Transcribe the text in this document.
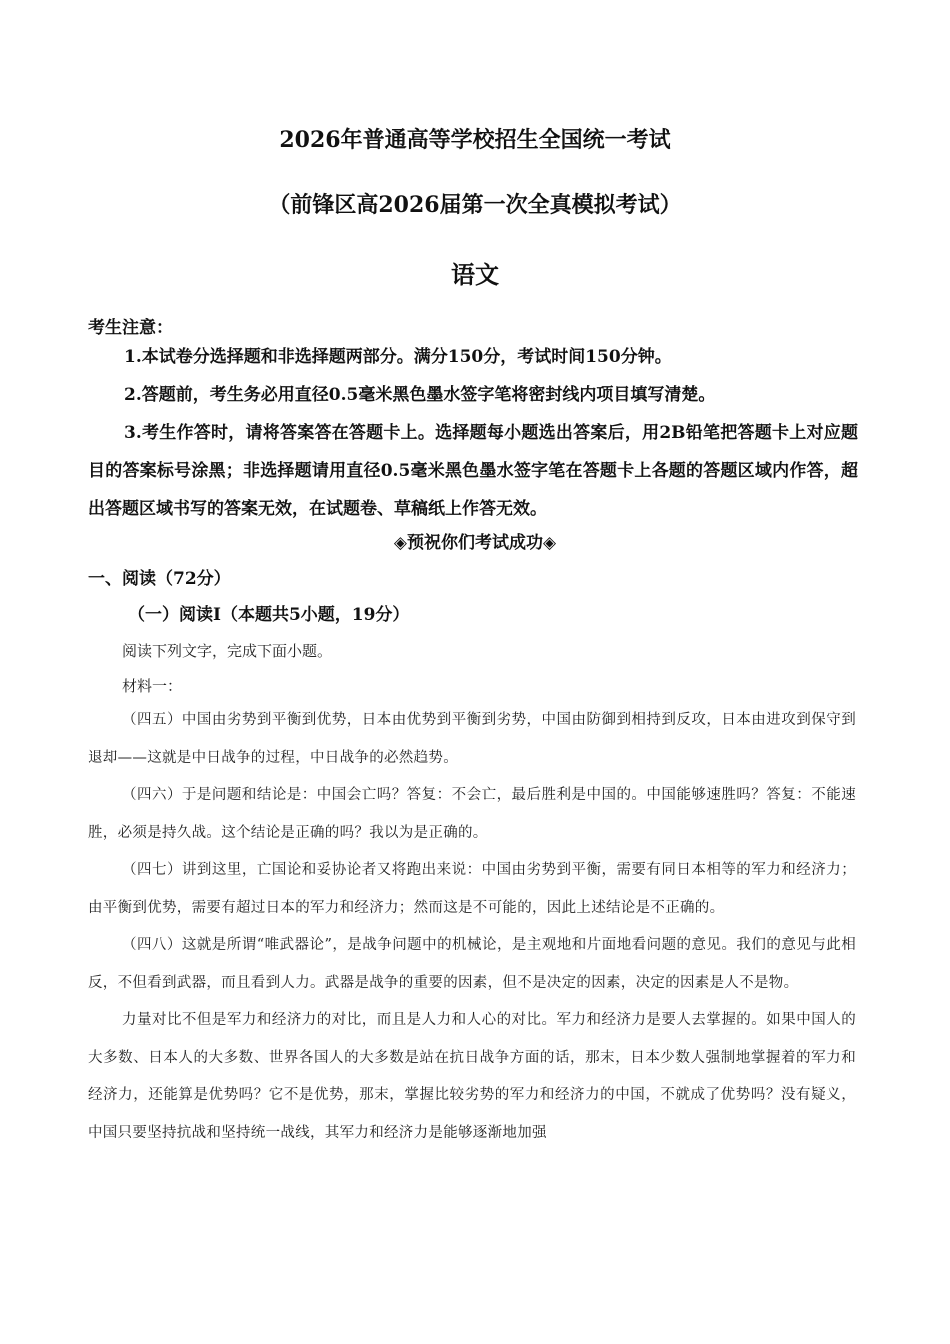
2026年普通高等学校招生全国统一考试
（前锋区高2026届第一次全真模拟考试）
语文
考生注意：

1.本试卷分选择题和非选择题两部分。满分150分，考试时间150分钟。

2.答题前，考生务必用直径0.5毫米黑色墨水签字笔将密封线内项目填写清楚。

3.考生作答时，请将答案答在答题卡上。选择题每小题选出答案后，用2B铅笔把答题卡上对应题目的答案标号涂黑；非选择题请用直径0.5毫米黑色墨水签字笔在答题卡上各题的答题区域内作答，超出答题区域书写的答案无效，在试题卷、草稿纸上作答无效。

◈预祝你们考试成功◈
一、阅读（72分）
（一）阅读Ⅰ（本题共5小题，19分）
阅读下列文字，完成下面小题。
材料一：

（四五）中国由劣势到平衡到优势，日本由优势到平衡到劣势，中国由防御到相持到反攻，日本由进攻到保守到退却——这就是中日战争的过程，中日战争的必然趋势。

（四六）于是问题和结论是：中国会亡吗？答复：不会亡，最后胜利是中国的。中国能够速胜吗？答复：不能速胜，必须是持久战。这个结论是正确的吗？我以为是正确的。

（四七）讲到这里，亡国论和妥协论者又将跑出来说：中国由劣势到平衡，需要有同日本相等的军力和经济力；由平衡到优势，需要有超过日本的军力和经济力；然而这是不可能的，因此上述结论是不正确的。

（四八）这就是所谓“唯武器论”，是战争问题中的机械论，是主观地和片面地看问题的意见。我们的意见与此相反，不但看到武器，而且看到人力。武器是战争的重要的因素，但不是决定的因素，决定的因素是人不是物。

力量对比不但是军力和经济力的对比，而且是人力和人心的对比。军力和经济力是要人去掌握的。如果中国人的大多数、日本人的大多数、世界各国人的大多数是站在抗日战争方面的话，那末，日本少数人强制地掌握着的军力和经济力，还能算是优势吗？它不是优势，那末，掌握比较劣势的军力和经济力的中国，不就成了优势吗？没有疑义，中国只要坚持抗战和坚持统一战线，其军力和经济力是能够逐渐地加强
